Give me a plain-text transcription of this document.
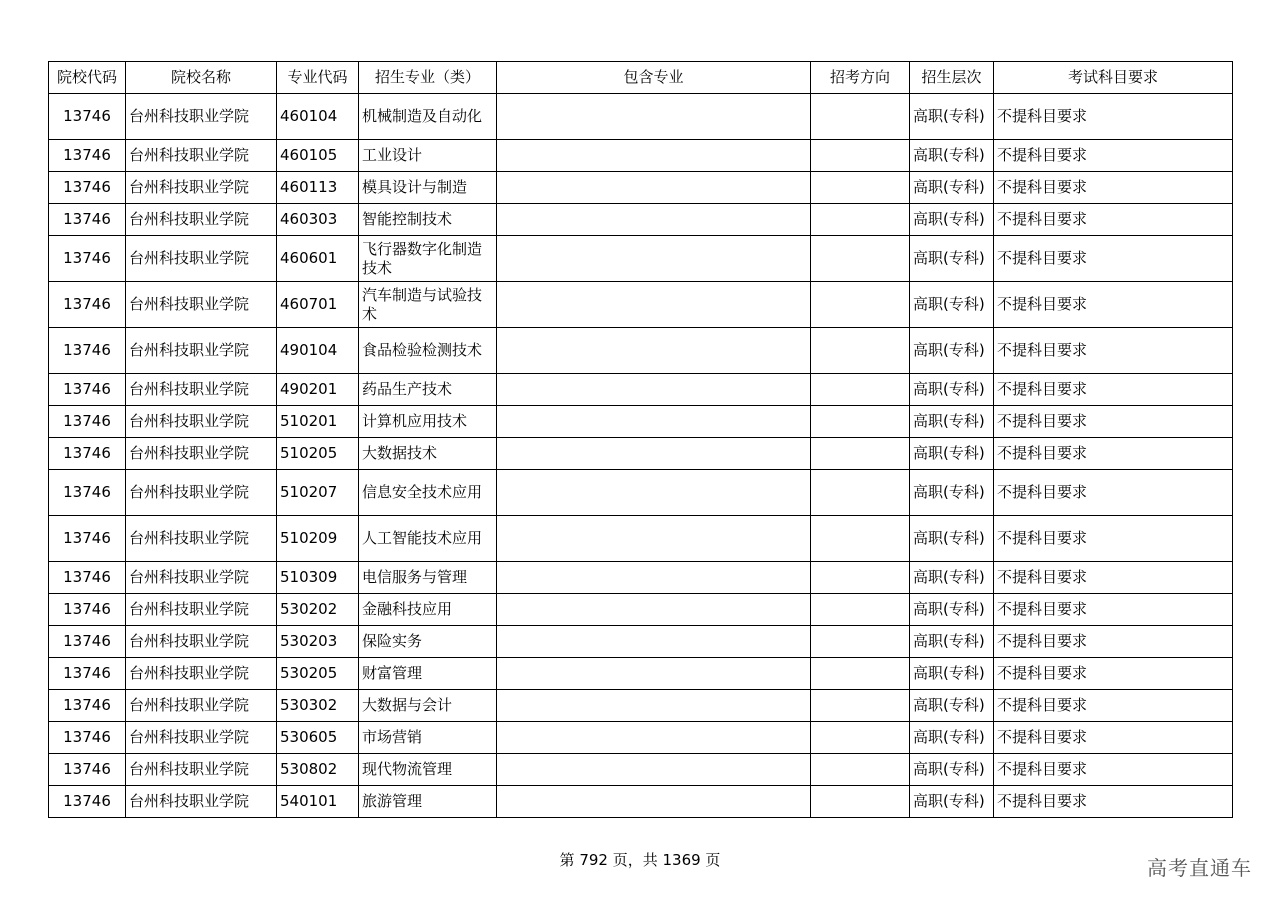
院校代码	院校名称	专业代码	招生专业（类）	包含专业	招考方向	招生层次	考试科目要求
13746	台州科技职业学院	460104	机械制造及自动化			高职(专科)	不提科目要求
13746	台州科技职业学院	460105	工业设计			高职(专科)	不提科目要求
13746	台州科技职业学院	460113	模具设计与制造			高职(专科)	不提科目要求
13746	台州科技职业学院	460303	智能控制技术			高职(专科)	不提科目要求
13746	台州科技职业学院	460601	飞行器数字化制造技术			高职(专科)	不提科目要求
13746	台州科技职业学院	460701	汽车制造与试验技术			高职(专科)	不提科目要求
13746	台州科技职业学院	490104	食品检验检测技术			高职(专科)	不提科目要求
13746	台州科技职业学院	490201	药品生产技术			高职(专科)	不提科目要求
13746	台州科技职业学院	510201	计算机应用技术			高职(专科)	不提科目要求
13746	台州科技职业学院	510205	大数据技术			高职(专科)	不提科目要求
13746	台州科技职业学院	510207	信息安全技术应用			高职(专科)	不提科目要求
13746	台州科技职业学院	510209	人工智能技术应用			高职(专科)	不提科目要求
13746	台州科技职业学院	510309	电信服务与管理			高职(专科)	不提科目要求
13746	台州科技职业学院	530202	金融科技应用			高职(专科)	不提科目要求
13746	台州科技职业学院	530203	保险实务			高职(专科)	不提科目要求
13746	台州科技职业学院	530205	财富管理			高职(专科)	不提科目要求
13746	台州科技职业学院	530302	大数据与会计			高职(专科)	不提科目要求
13746	台州科技职业学院	530605	市场营销			高职(专科)	不提科目要求
13746	台州科技职业学院	530802	现代物流管理			高职(专科)	不提科目要求
13746	台州科技职业学院	540101	旅游管理			高职(专科)	不提科目要求
第 792 页，共 1369 页	高考直通车
